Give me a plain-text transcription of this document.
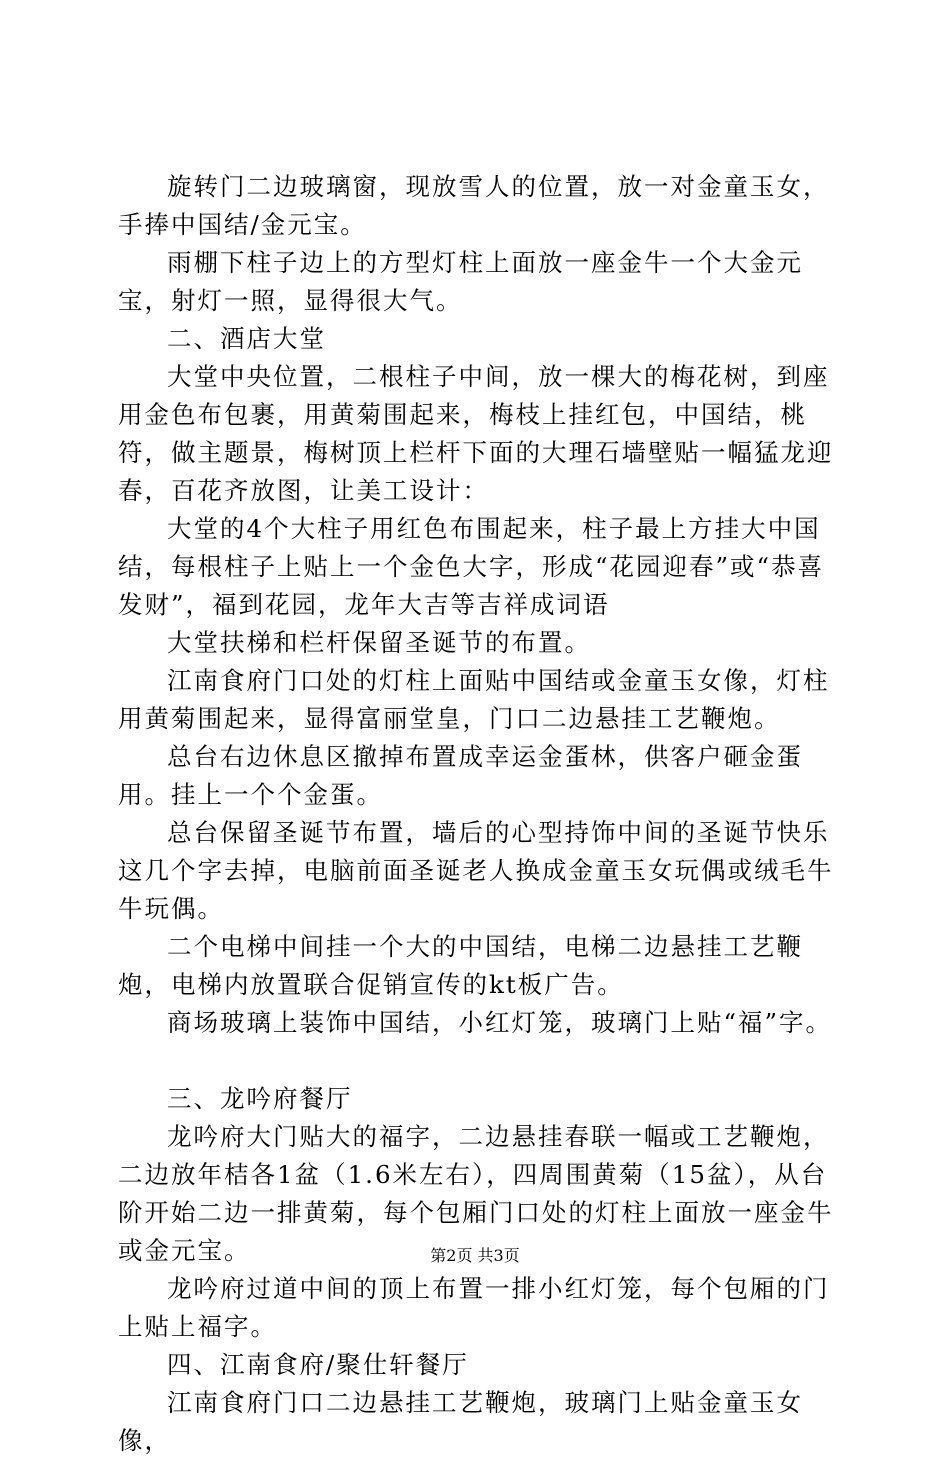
旋转门二边玻璃窗，现放雪人的位置，放一对金童玉女，手捧中国结/金元宝。

雨棚下柱子边上的方型灯柱上面放一座金牛一个大金元宝，射灯一照，显得很大气。

二、酒店大堂

大堂中央位置，二根柱子中间，放一棵大的梅花树，到座用金色布包裹，用黄菊围起来，梅枝上挂红包，中国结，桃符，做主题景，梅树顶上栏杆下面的大理石墙壁贴一幅猛龙迎春，百花齐放图，让美工设计：

大堂的4个大柱子用红色布围起来，柱子最上方挂大中国结，每根柱子上贴上一个金色大字，形成“花园迎春”或“恭喜发财”，福到花园，龙年大吉等吉祥成词语

大堂扶梯和栏杆保留圣诞节的布置。

江南食府门口处的灯柱上面贴中国结或金童玉女像，灯柱用黄菊围起来，显得富丽堂皇，门口二边悬挂工艺鞭炮。

总台右边休息区撤掉布置成幸运金蛋林，供客户砸金蛋用。挂上一个个金蛋。

总台保留圣诞节布置，墙后的心型持饰中间的圣诞节快乐这几个字去掉，电脑前面圣诞老人换成金童玉女玩偶或绒毛牛牛玩偶。

二个电梯中间挂一个大的中国结，电梯二边悬挂工艺鞭炮，电梯内放置联合促销宣传的kt板广告。

商场玻璃上装饰中国结，小红灯笼，玻璃门上贴“福”字。

三、龙吟府餐厅

龙吟府大门贴大的福字，二边悬挂春联一幅或工艺鞭炮，二边放年桔各1盆（1.6米左右），四周围黄菊（15盆），从台阶开始二边一排黄菊，每个包厢门口处的灯柱上面放一座金牛或金元宝。

龙吟府过道中间的顶上布置一排小红灯笼，每个包厢的门上贴上福字。

四、江南食府/聚仕轩餐厅

江南食府门口二边悬挂工艺鞭炮，玻璃门上贴金童玉女像，

第2页 共3页
